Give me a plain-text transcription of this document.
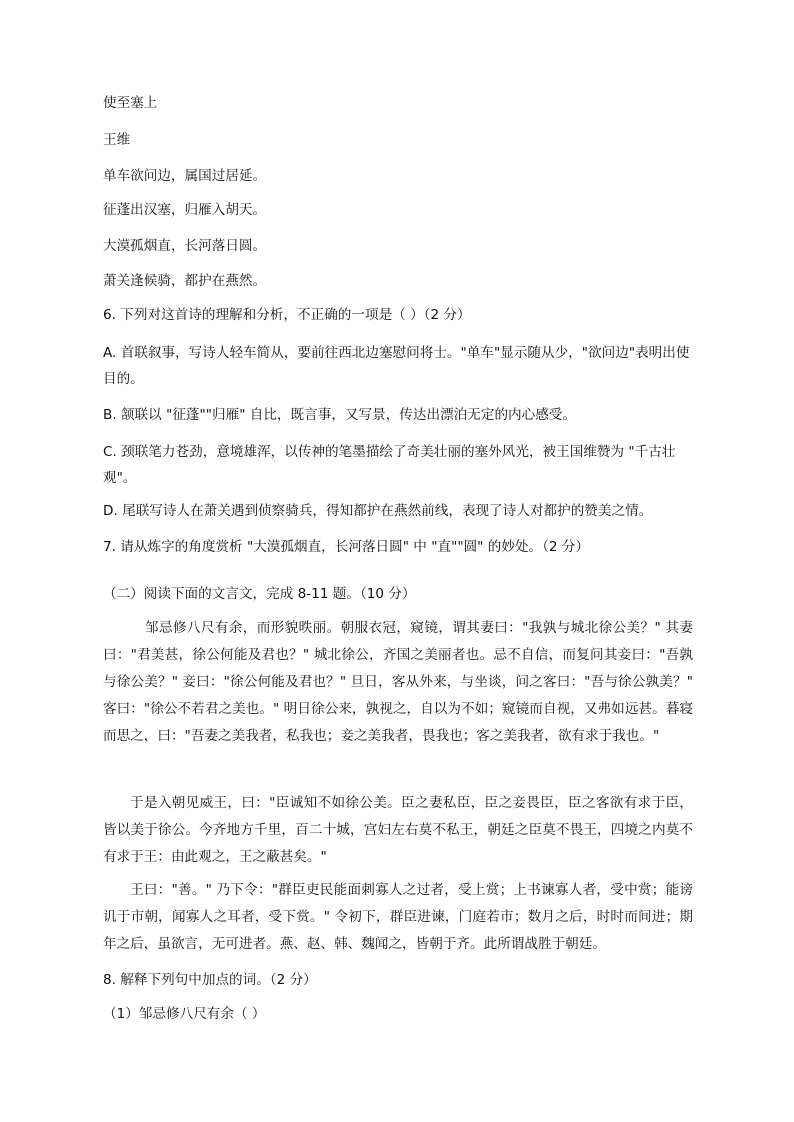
使至塞上
王维
单车欲问边，属国过居延。
征蓬出汉塞，归雁入胡天。
大漠孤烟直，长河落日圆。
萧关逢候骑，都护在燕然。
6. 下列对这首诗的理解和分析，不正确的一项是（ ）（2 分）
A. 首联叙事，写诗人轻车简从，要前往西北边塞慰问将士。"单车"显示随从少，"欲问边"表明出使目的。
B. 颔联以 "征蓬""归雁" 自比，既言事，又写景，传达出漂泊无定的内心感受。
C. 颈联笔力苍劲，意境雄浑，以传神的笔墨描绘了奇美壮丽的塞外风光，被王国维赞为 "千古壮观"。
D. 尾联写诗人在萧关遇到侦察骑兵，得知都护在燕然前线，表现了诗人对都护的赞美之情。
7. 请从炼字的角度赏析 "大漠孤烟直，长河落日圆" 中 "直""圆" 的妙处。（2 分）
（二）阅读下面的文言文，完成 8-11 题。（10 分）
邹忌修八尺有余，而形貌昳丽。朝服衣冠，窥镜，谓其妻曰："我孰与城北徐公美？" 其妻曰："君美甚，徐公何能及君也？" 城北徐公，齐国之美丽者也。忌不自信，而复问其妾曰："吾孰与徐公美？" 妾曰："徐公何能及君也？" 旦日，客从外来，与坐谈，问之客曰："吾与徐公孰美？" 客曰："徐公不若君之美也。" 明日徐公来，孰视之，自以为不如；窥镜而自视，又弗如远甚。暮寝而思之，曰："吾妻之美我者，私我也；妾之美我者，畏我也；客之美我者，欲有求于我也。"
于是入朝见威王，曰："臣诚知不如徐公美。臣之妻私臣，臣之妾畏臣，臣之客欲有求于臣，皆以美于徐公。今齐地方千里，百二十城，宫妇左右莫不私王，朝廷之臣莫不畏王，四境之内莫不有求于王：由此观之，王之蔽甚矣。"
王曰："善。" 乃下令："群臣吏民能面刺寡人之过者，受上赏；上书谏寡人者，受中赏；能谤讥于市朝，闻寡人之耳者，受下赏。" 令初下，群臣进谏，门庭若市；数月之后，时时而间进；期年之后，虽欲言，无可进者。燕、赵、韩、魏闻之，皆朝于齐。此所谓战胜于朝廷。
8. 解释下列句中加点的词。（2 分）
（1）邹忌修八尺有余（ ）
